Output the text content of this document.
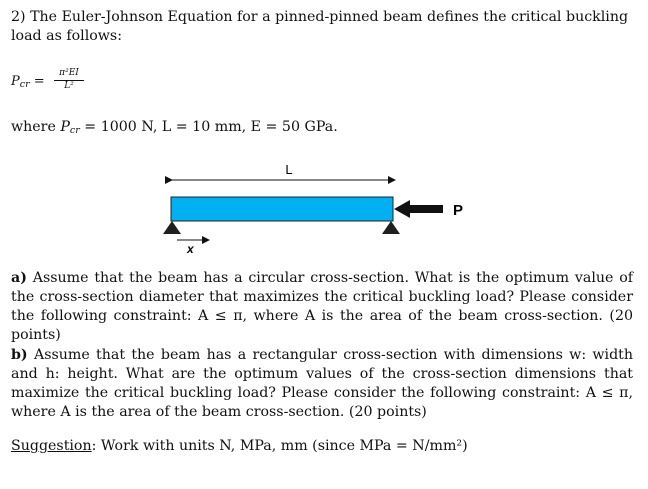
2) The Euler-Johnson Equation for a pinned-pinned beam defines the critical buckling load as follows:

$P_{cr} = \frac{\text{π²EI}}{\text{L²}}$

where $P_{cr} = 1000$ N, L = 10 mm, E = 50 GPa.

L
P
x

a) Assume that the beam has a circular cross-section. What is the optimum value of the cross-section diameter that maximizes the critical buckling load? Please consider the following constraint: A ≤ π, where A is the area of the beam cross-section. (20 points)

b) Assume that the beam has a rectangular cross-section with dimensions w: width and h: height. What are the optimum values of the cross-section dimensions that maximize the critical buckling load? Please consider the following constraint: A ≤ π, where A is the area of the beam cross-section. (20 points)

Suggestion: Work with units N, MPa, mm (since MPa = N/mm²)
